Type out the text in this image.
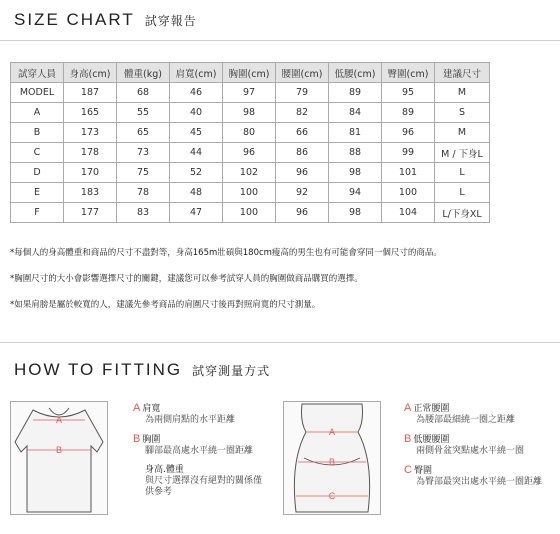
SIZE CHART 試穿報告
試穿人員	身高(cm)	體重(kg)	肩寬(cm)	胸圍(cm)	腰圍(cm)	低腰(cm)	臀圍(cm)	建議尺寸
MODEL	187	68	46	97	79	89	95	M
A	165	55	40	98	82	84	89	S
B	173	65	45	80	66	81	96	M
C	178	73	44	96	86	88	99	M / 下身L
D	170	75	52	102	96	98	101	L
E	183	78	48	100	92	94	100	L
F	177	83	47	100	96	98	104	L/下身XL
*每個人的身高體重和商品的尺寸不盡對等，身高165m壯碩與180cm瘦高的男生也有可能會穿同一個尺寸的商品。
*胸圍尺寸的大小會影響選擇尺寸的關鍵，建議您可以參考試穿人員的胸圍做商品購買的選擇。
*如果肩膀是屬於較寬的人，建議先參考商品的肩圍尺寸後再對照肩寬的尺寸測量。
HOW TO FITTING 試穿測量方式
A
B
A 肩寬
為兩側肩點的水平距離
B 胸圍
腳部最高處水平繞一圈距離
身高.體重
與尺寸選擇沒有絕對的關係僅供參考
A
B
C
A 正常腰圍
為腰部最細繞一圈之距離
B 低腰腰圍
兩側骨盆突點處水平繞一圈
C 臀圍
為臀部最突出處水平繞一圈距離
